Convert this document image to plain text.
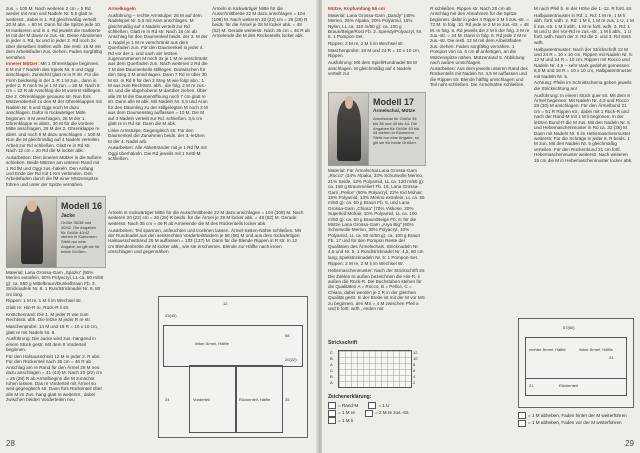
zus. = 100 M. Nach weiteren 2 cm = 5 Rd wieder mit Aran und Nadeln Nr. 5,5 glatt re weiterstr., dabei in 1. Rd gleichmäßig verteilt 20 M abn. = 80 M. Dann für die Spitze jede 10. M markieren und in 4. Rd jeweils die markierte M mit der M davor re zus.-str. Diese Abnahmen in jeder 4. Rd, 5x und in jeder 2. Rd noch 2x über dieselben Stellen wdh. Die restl. 16 M mit dem Arbeitsfaden zus.-ziehen. Faden sorgfältig vernähen.

Innerer Mützer: Mit 1 Ohrenklappe beginnen. 8 M mit 7 Nadeln des Spiels Nr. 5 und Oggi anschlagen. Zunächst glatt re in R str. Für die Form beidseitig in der 3. R 1 M zun., dann in jeder 2. R noch 9x je 1 M zun. = 26 M. Nach 8 cm = 22 R ab Anschlag die M vorerst stilllegen. Die 2. Ohrenklappe genauso str. Nun fürs Mützenoberteil zu den M der Ohrenklappen mit Nadeln Nr. 5 und Oggi noch M dazu anschlagen. Dafür in rückwärtiger Mitte beginnen. 9 M anschlagen, 26 M der 1. Ohrenklappe re abstr., 30 M für die vordere Mitte anschlagen, 26 M der 2. Ohrenklappe re abstr. und noch 9 M dazu anschlagen = 100 M. Nun die M gleichmäßig auf 4 Nadeln verteilen. Arbeit zur Rd schließen. Glatt re in Rd str. Nach 12 cm = 20 Rd die M locker abk.

Ausarbeiten: Den inneren Mützer in die äußere schieben. Beide Mützen am unteren Rand mit 1 Rd fM und Oggi zus.-häkeln. Den Anfang und Ende der Rd mit 1 Km verbinden. Den Arbeitsfaden durch die fM einer Mützenspitze führen und unter der Spitze vernähen.

Modell 16
Jacke
Größe 36/38 und 40/42. Die Angaben für Größe 40/42 stehen in Klammern. Steht nur eine Angabe, so gilt sie für beide Größen.

Material: Lana Grossa-Garn „Spazio“ (50% Merino extrafein, 50% Polyacryl, LL ca. 50 m/50 g): ca. 550 g Mittelbraun/Dunkelbraun Fb. 3. Stricknadeln Nr. 8. 1 Rundstricknadel Nr. 8, 80 cm lang.

Rippen: 1 M re, 1 M li im Wechsel str.

Glatt re: Hin-R re, Rück-R li str.

Knötchenrand: Die 1. M jeder R wie zum Rechtsstr. abh. Die letzte M jeder R re str.

Maschenprobe: 14 M und 19 R = 10 x 10 cm, glatt re mit Nadeln Nr. 8.

Ausführung: Die Jacke wird zus.-hängend in einem Stück gestr. Mit dem 8 Vorderteil beginnen.

Für den Halsausschnitt 12 M in jeder 2. R abn. Für den Rückenteil nach 35 cm = 46 R ab Anschlag am re Rand für den Ärmel 28 M neu dazu anschlagen = 41 (43) M. Nach 20 (22) cm = 26 (28) R ab Armelbeginn die M zunächst ruhen lassen. Das re Vorderteil mit Ärmel so weit gegengleich str. Dann fürs Rückenteil über alle M im Zus.-hang glatt re weiterstr., dabei zwischen beiden Vorderteilen neu

Armelkugeln

Ausführung – rechte Armstulpe: 28 M auf dem Nadelspiel Nr. 5,5 mit Aran anschlagen. M gleichmäßig auf 4 Nadeln verteilt zur Rd schließen. Glatt re in Rd str. Nach 18 cm ab Anschlag für den Daumenkeil beids. der 3. M der 1. Nadel je 1 M re verschränkt aus dem Querfaden zun. Für den Daumenkeil in jeder 4. Rd vor der 1. und nach der letzten zugenommenen M noch 3x je 1 M re verschränkt aus dem Querfaden zun. Nach weiteren 2 Rd die 7 M des Daumenkeils stilllegen. Dazwischen für den Steg 3 M anschlagen. Dann 7 Rd re über 30 M str. In Rd 8 für den 2 Steg M wie folgt abn.: 1 M aus zum Rechtsstr. abh., die folg. 2 M re zus.-str. und die abgehobene M darüber ziehen. Über alle 28 M die Daumenöffnung noch 7 cm glatt re str. Dann alle M abk. Mit Nadeln Nr. 5,5 und Aran für den Däumling zu der stillgelegten M noch 3 M aus dem Daumensteg auffassen = 10 M. Die M auf 3 Nadeln verteilt zur Rd. schließen. 3,5 cm glatt re in Rd str. Dann die M abk.

Linke Armstulpe: Gegengleich str. Für den Daumenkeil die Zunahmen beids. der 3.-letzten M der 4. Nadel arb.

Ausarbeiten: Alle Abkettränder mit je 1 Rd fM mit Oggi überhäkeln. Die Rd jeweils mit 1 Kettl-M schließen.

Ärmeln in rückwärtiger Mitte für die Ausschnittbreite 22 M dazu anschlagen = 104 (108) M. Nach weiteren 20 (22) cm = 26 (28) R beids. für die Ärmel je 28 M locker abk. = 48 (52) M. Gerade weiterstr. Nach 35 cm = 46 R ab Armelende die M des Rückenteils locker abk.

Ausarbeiten: Teil spannen, anfeuchten und trocknen lassen. Ärmel-Seiten-Nähte schließen. Mit der Rundnadel aus den senkrechten Vorderteilrändern je 56 (58) M und aus dem rückwärtigen Halsausschnittrand 25 M auffassen = 133 (137) M. Dann für die Blende Rippen in R str. In 12 cm Blendenbreite die M locker abk., wie sie erscheinen. Blende zur Hälfte nach innen umschlagen und gegennähen.

12
43(45)
linker Ärmel, Hälfte
Vorderteil	Rückenteil, Hälfte
58
35
24
20(22)

Ärmeln in rückwärtiger Mitte für die Ausschnittbreite 22 M dazu anschlagen = 104 (108) M. Nach weiteren 20 (22) cm = 26 (28) R beids. für die Ärmel je 28 M locker abk. = 48 (52) M. Gerade weiterstr. Nach 35 cm = 46 R ab Armelende die M des Rückenteils locker abk.

28

Mütze, Kopfumfang 56 cm

Material: Lana Grossa-Garn „Dandy“ (40% Merino, 25% Alpaka, 20% Polyamid, 15% Nylon, LL ca. 110 m/50 g): ca. 100 g Braun/Beige/Rost Fb. 2. Speedy/Polyacryl, Nr. 5. 1 Pompon-Set.

Rippen: 2 M re, 2 M li im Wechsel str.

Maschenprobe: 18 M und 24 R = 10 x 10 cm, Rippen.

Ausführung: Mit dem Spiel/Rundnadel 56 M anschlagen. M gleichmäßig auf 4 Nadeln verteilt zur

Modell 17
Ärmelschal, Mütze
Ärmelschal für Größe 34 bis 38 und 40 bis 44. Die Angaben für Größe 40 bis 44 stehen in Klammern. Steht nur eine Angabe, so gilt sie für beide Größen.

Material: Für Ärmelschal Lana Grossa-Garn „Rocco“ (34% Alpaka, 33% Schurwolle Merino, 21% Seide, 12% Polyamid, LL ca. 120 m/50 g): ca. 150 g Braunmeliert Fb. 16, Lana Grossa-Garn „Pelice“ (50% Polyacryl, 22% Kid Mohair, 15% Polyamid, 13% Merino extrafein, LL ca. 55 m/50 g): ca. 50 g Braun Fb. 5, und Lana Grossa-Garn „Chiara“ (70% Viskose, 20% Superkid Mohair, 10% Polyamid, LL ca. 100 m/50 g): ca. 50 g Braun/Beige Fb. 6; für die Mütze Lana Grossa-Garn „Arya Big“ (60% Schurwolle Merino, 30% Polyacryl, 10% Polyamid, LL ca. 50 m/50 g): ca. 100 g Braun Fb. 17 und für den Pompon Reste der Qualitäten des Ärmelschals. Stricknadeln Nr. 4,5 und Nr. 5, 1 Rundstricknadel Nr. 4,5, 80 cm lang; Spielstricknadeln Nr. 5; 1 Pompon-Set.

Rippen: 2 M re, 2 M li im Wechsel str.

Hebemaschenmuster: Nach der Strickschrift str. Die Zahlen re außen bezeichnen die Hin-R, li außen die Rück-R. Die Buchstaben stehen für die Qualitäten A = Rocco, B = Pelice, C = Chiara, dabei werden je 2 R in der gleichen Qualität gestr. In der Breite ist mit der M vor MS zu beginnen, den MS = 4 M zwischen Pfeil a und b fortl. wdh., enden mit

Strickschrift
C
B
A
C
B
A
12
10
8
6
4
2
Zeichenerklärung:
= Rand-M	= 1 U
= 1 M re	= 2 M re zus.-str.
= 1 M li

R schließen. Rippen str. Nach 20 cm ab Anschlag mit den Abnahmen für die Spitze beginnen: dafür in jeder 4 Rippe 2 M li zus.-str. = 72 M. In folg. 10. Rd jede re 2 M re zus.-str. = 48 M. In folg. 5. Rd jeweils die 2 M li der folg. 2 M re zus.-str. = 24 M. Dann in folg. 6. Rd jede 2 M re zus.-str. Die restl. 12 M mit dem Arbeitsfaden zus.-ziehen. Faden sorgfältig vernähen. 1 Pompon von ca. 6 cm Ø anfertigen, an die Mützenspitze nähen. Mützenrand 5. Abbildung nach außen umschlagen.

M nach Pfeil b. In der Höhe die 1.-12. R fortl. str.

Halbpatentmuster in Rd: 1. Rd: 1 M re, 1 M li abh. fortl. wdh. 2. Rd: 1 M li, 1 M re zus. 1 U, 1 M li zus.-str. 1 M li abh., 1 M re fortl. wdh. 3. Rd: 1 M und U der Vor-Rd re zus.-str., 1 M li abh., 1 U fortl. wdh. Nach der 3. Rd die 2. und 3. Rd stets wdh.

Halbpatentmuster: Nach der Strickschrift 12 M und 24 R = 10 x 10 cm, Rippen mit Nadeln Nr. 5: 12 M und 24 R = 10 cm. Rippen mit Rocco und Nadeln Nr. 4,5 – sehr stark gedehnt gemessen: 8,5 M und 18 R = 10 x 10 cm, Halbpatentmuster mit Nadeln Nr. 5.

Achtung: Pfeile im Schnittschema geben jeweils die Strickrichtung an!

Ausführung: In einem Stück quer str. Mit dem 8 Ärmel beginnen: Mit Nadeln Nr. 4,5 und Rocco 28 (30) M anschlagen. Für den Ärmelbund 21 cm = 51 R Rippen str., dabei mit 1 Rück-R und nach der Rand-M mit 1 M li beginnen. In der letzten Bund-R die M zus. Mit den Nadeln Nr. 5 und Hebemaschenmuster in Rd ca. 32 (36) M. Dann mit Nadeln Nr. 5 im Hebemaschenmuster weiterstr. Für die Schräge in jeder 8. R beids. 1 M zun. Mit den Nadeln Nr. 5 gleichmäßig verteilen. Für den Rückenbund 21 cm fortl. Hebemaschenmuster weiterstr. Nach weiteren 15 cm die M in Hebemaschenmuster locker abk.

Ausarbeiten: Aus dem jeweils unteren Rand des Rückenteils mit Nadeln Nr. 4,5 M auffassen und die Rippen str. Blende hälftig umschlagen und Teil naht schließen. Die Ärmelnähte schließen.

57(60)
rechter Ärmel, Hälfte	linker Ärmel, Hälfte
Rückenteil
24
21
= 1 M abheben, Faden hinter der M weiterführen
= 1 M abheben, Faden vor der M weiterführen
29
